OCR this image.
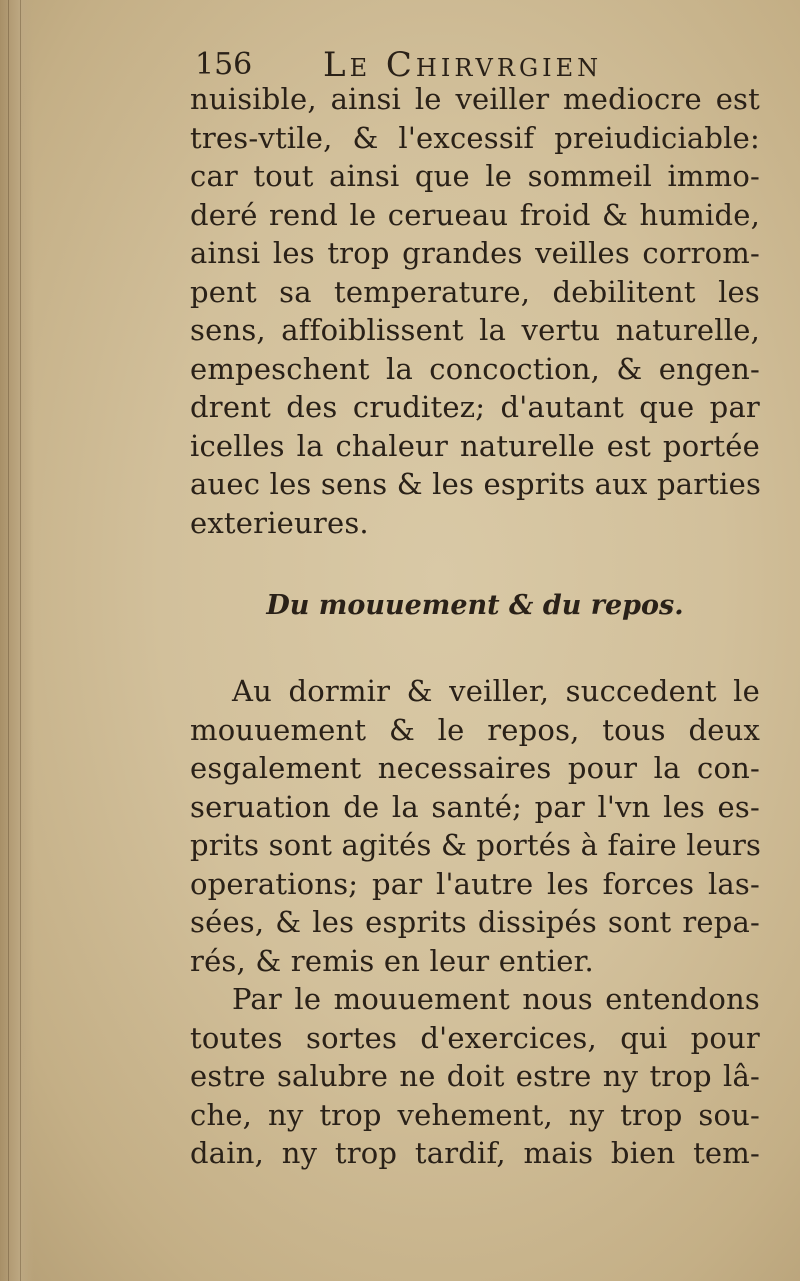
156 Le Chirvrgien
nuisible, ainsi le veiller mediocre est
tres-vtile, & l'excessif preiudiciable:
car tout ainsi que le sommeil immo-
deré rend le cerueau froid & humide,
ainsi les trop grandes veilles corrom-
pent sa temperature, debilitent les
sens, affoiblissent la vertu naturelle,
empeschent la concoction, & engen-
drent des cruditez; d'autant que par
icelles la chaleur naturelle est portée
auec les sens & les esprits aux parties
exterieures.
Du mouuement & du repos.
Au dormir & veiller, succedent le
mouuement & le repos, tous deux
esgalement necessaires pour la con-
seruation de la santé; par l'vn les es-
prits sont agités & portés à faire leurs
operations; par l'autre les forces las-
sées, & les esprits dissipés sont repa-
rés, & remis en leur entier.
Par le mouuement nous entendons
toutes sortes d'exercices, qui pour
estre salubre ne doit estre ny trop lâ-
che, ny trop vehement, ny trop sou-
dain, ny trop tardif, mais bien tem-
